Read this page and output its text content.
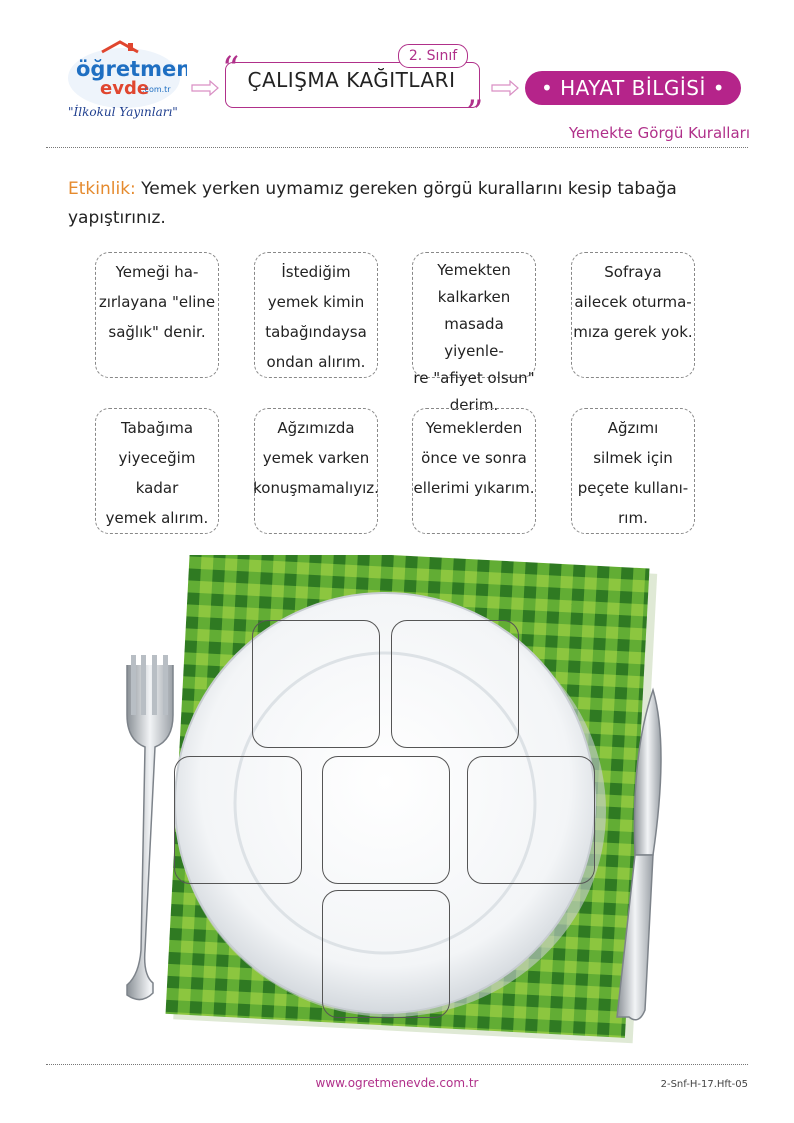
öğretmen
evde
.com.tr
"İlkokul Yayınları"
“ ÇALIŞMA KAĞITLARI
”
2. Sınıf
• HAYAT BİLGİSİ •
Yemekte Görgü Kuralları
Etkinlik: Yemek yerken uymamız gereken görgü kurallarını kesip tabağa yapıştırınız.
Yemeği ha-
zırlayana "eline
sağlık" denir.
İstediğim
yemek kimin
tabağındaysa
ondan alırım.
Yemekten
kalkarken
masada yiyenle-
re "afiyet olsun"
derim.
Sofraya
ailecek oturma-
mıza gerek yok.
Tabağıma
yiyeceğim kadar
yemek alırım.
Ağzımızda
yemek varken
konuşmamalıyız.
Yemeklerden
önce ve sonra
ellerimi yıkarım.
Ağzımı
silmek için
peçete kullanı-
rım.
www.ogretmenevde.com.tr	2-Snf-H-17.Hft-05
